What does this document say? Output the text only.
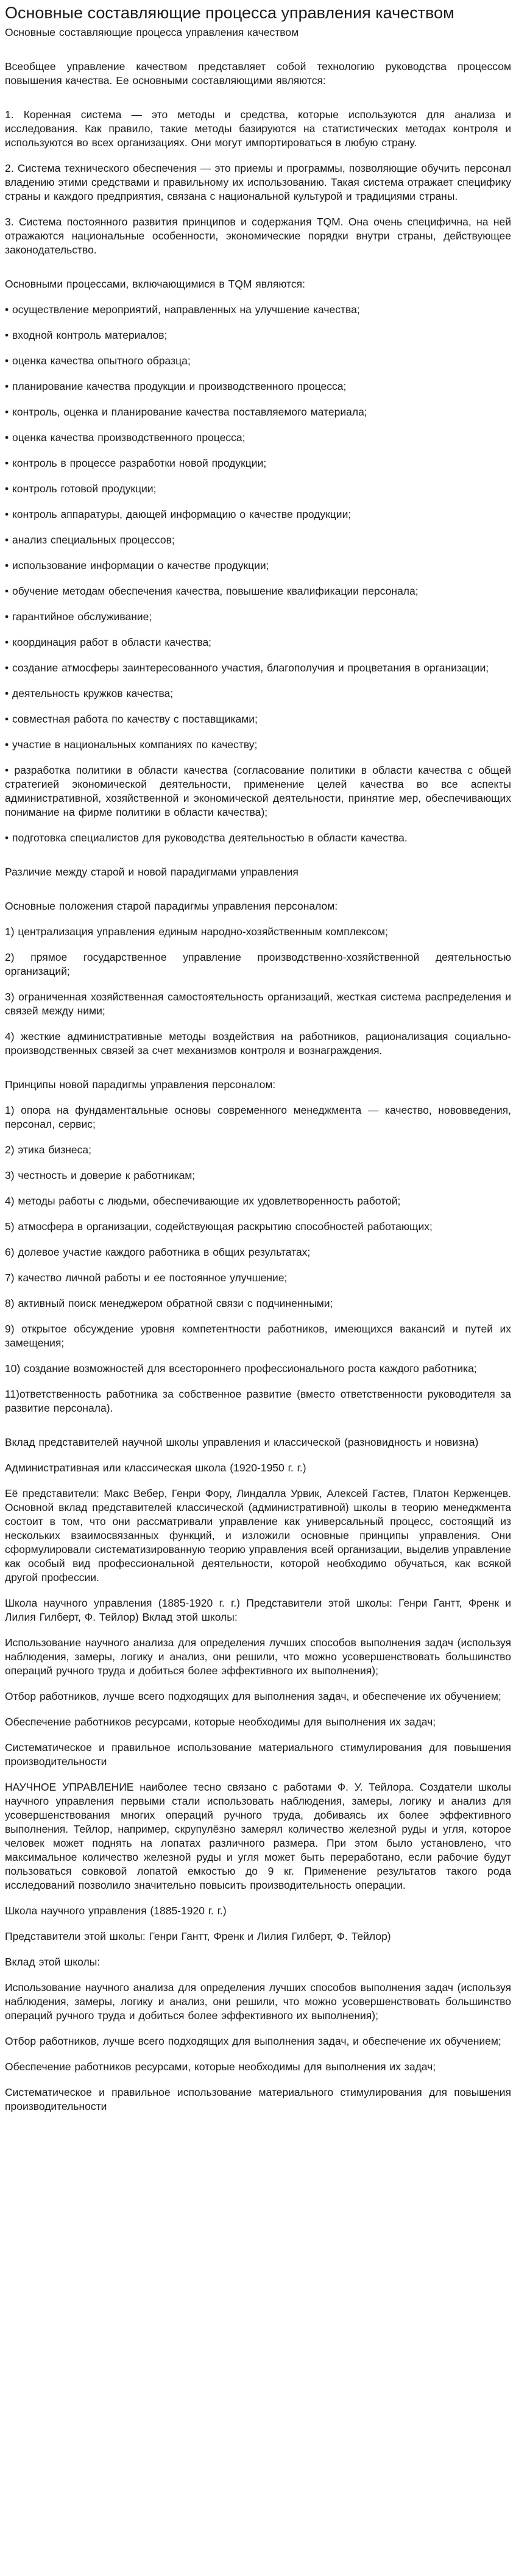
Основные составляющие процесса управления качеством

Основные составляющие процесса управления качеством

Всеобщее управление качеством представляет собой технологию руководства процессом повышения качества. Ее основными составляющими являются:

1. Коренная система — это методы и средства, которые используются для анализа и исследования. Как правило, такие методы базируются на статистических методах контроля и используются во всех организациях. Они могут импортироваться в любую страну.

2. Система технического обеспечения — это приемы и программы, позволяющие обучить персонал владению этими средствами и правильному их использованию. Такая система отражает специфику страны и каждого предприятия, связана с национальной культурой и традициями страны.

3. Система постоянного развития принципов и содержания TQM. Она очень специфична, на ней отражаются национальные особенности, экономические порядки внутри страны, действующее законодательство.

Основными процессами, включающимися в TQM являются:

• осуществление мероприятий, направленных на улучшение качества;

• входной контроль материалов;

• оценка качества опытного образца;

• планирование качества продукции и производственного процесса;

• контроль, оценка и планирование качества поставляемого материала;

• оценка качества производственного процесса;

• контроль в процессе разработки новой продукции;

• контроль готовой продукции;

• контроль аппаратуры, дающей информацию о качестве продукции;

• анализ специальных процессов;

• использование информации о качестве продукции;

• обучение методам обеспечения качества, повышение квалификации персонала;

• гарантийное обслуживание;

• координация работ в области качества;

• создание атмосферы заинтересованного участия, благополучия и процветания в организации;

• деятельность кружков качества;

• совместная работа по качеству с поставщиками;

• участие в национальных компаниях по качеству;

• разработка политики в области качества (согласование политики в области качества с общей стратегией экономической деятельности, применение целей качества во все аспекты административной, хозяйственной и экономической деятельности, принятие мер, обеспечивающих понимание на фирме политики в области качества);

• подготовка специалистов для руководства деятельностью в области качества.

Различие между старой и новой парадигмами управления

Основные положения старой парадигмы управления персоналом:

1) централизация управления единым народно-хозяйственным комплексом;

2) прямое государственное управление производственно-хозяйственной деятельностью организаций;

3) ограниченная хозяйственная самостоятельность организаций, жесткая система распределения и связей между ними;

4) жесткие административные методы воздействия на работников, рационализация социально-производственных связей за счет механизмов контроля и вознаграждения.

Принципы новой парадигмы управления персоналом:

1) опора на фундаментальные основы современного менеджмента — качество, нововведения, персонал, сервис;

2) этика бизнеса;

3) честность и доверие к работникам;

4) методы работы с людьми, обеспечивающие их удовлетворенность работой;

5) атмосфера в организации, содействующая раскрытию способностей работающих;

6) долевое участие каждого работника в общих результатах;

7) качество личной работы и ее постоянное улучшение;

8) активный поиск менеджером обратной связи с подчиненными;

9) открытое обсуждение уровня компетентности работников, имеющихся вакансий и путей их замещения;

10) создание возможностей для всестороннего профессионального роста каждого работника;

11)ответственность работника за собственное развитие (вместо ответственности руководителя за развитие персонала).

Вклад представителей научной школы управления и классической (разновидность и новизна)

Административная или классическая школа (1920-1950 г. г.)

Её представители: Макс Вебер, Генри Фору, Линдалла Урвик, Алексей Гастев, Платон Керженцев. Основной вклад представителей классической (административной) школы в теорию менеджмента состоит в том, что они рассматривали управление как универсальный процесс, состоящий из нескольких взаимосвязанных функций, и изложили основные принципы управления. Они сформулировали систематизированную теорию управления всей организации, выделив управление как особый вид профессиональной деятельности, которой необходимо обучаться, как всякой другой профессии.

Школа научного управления (1885-1920 г. г.) Представители этой школы: Генри Гантт, Френк и Лилия Гилберт, Ф. Тейлор) Вклад этой школы:

Использование научного анализа для определения лучших способов выполнения задач (используя наблюдения, замеры, логику и анализ, они решили, что можно усовершенствовать большинство операций ручного труда и добиться более эффективного их выполнения);

Отбор работников, лучше всего подходящих для выполнения задач, и обеспечение их обучением;

Обеспечение работников ресурсами, которые необходимы для выполнения их задач;

Систематическое и правильное использование материального стимулирования для повышения производительности

НАУЧНОЕ УПРАВЛЕНИЕ наиболее тесно связано с работами Ф. У. Тейлора. Создатели школы научного управления первыми стали использовать наблюдения, замеры, логику и анализ для усовершенствования многих операций ручного труда, добиваясь их более эффективного выполнения. Тейлор, например, скрупулёзно замерял количество железной руды и угля, которое человек может поднять на лопатах различного размера. При этом было установлено, что максимальное количество железной руды и угля может быть переработано, если рабочие будут пользоваться совковой лопатой емкостью до 9 кг. Применение результатов такого рода исследований позволило значительно повысить производительность операции.

Школа научного управления (1885-1920 г. г.)

Представители этой школы: Генри Гантт, Френк и Лилия Гилберт, Ф. Тейлор)

Вклад этой школы:

Использование научного анализа для определения лучших способов выполнения задач (используя наблюдения, замеры, логику и анализ, они решили, что можно усовершенствовать большинство операций ручного труда и добиться более эффективного их выполнения);

Отбор работников, лучше всего подходящих для выполнения задач, и обеспечение их обучением;

Обеспечение работников ресурсами, которые необходимы для выполнения их задач;

Систематическое и правильное использование материального стимулирования для повышения производительности
